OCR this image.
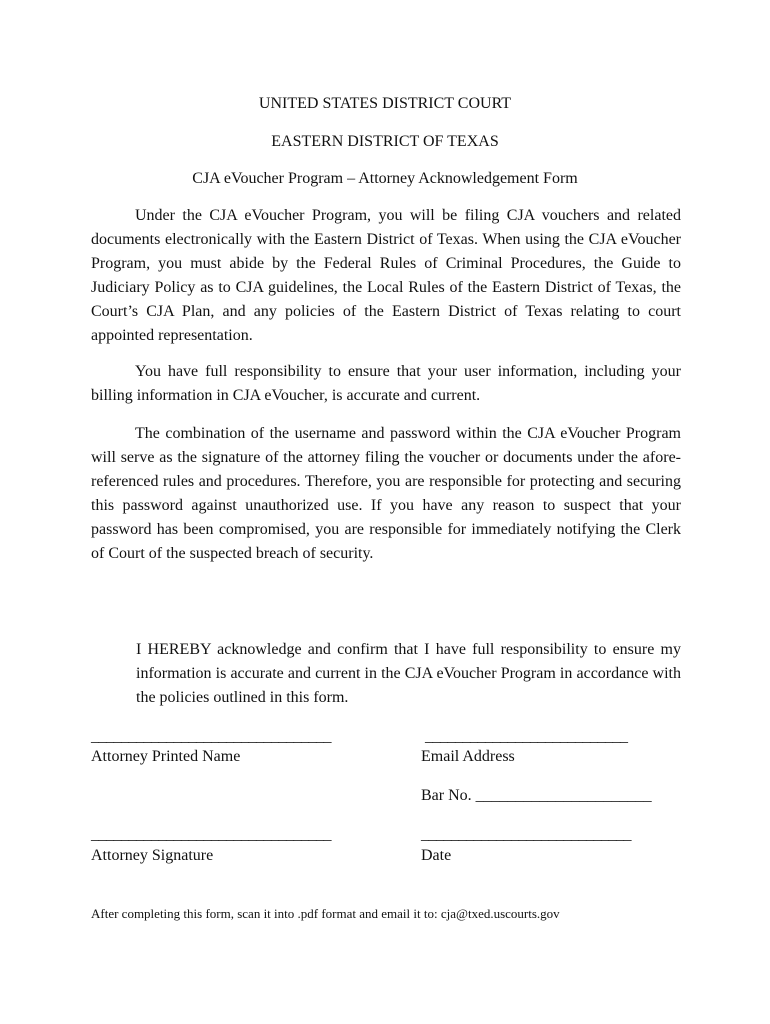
UNITED STATES DISTRICT COURT
EASTERN DISTRICT OF TEXAS
CJA eVoucher Program – Attorney Acknowledgement Form
Under the CJA eVoucher Program, you will be filing CJA vouchers and related documents electronically with the Eastern District of Texas. When using the CJA eVoucher Program, you must abide by the Federal Rules of Criminal Procedures, the Guide to Judiciary Policy as to CJA guidelines, the Local Rules of the Eastern District of Texas, the Court’s CJA Plan, and any policies of the Eastern District of Texas relating to court appointed representation.
You have full responsibility to ensure that your user information, including your billing information in CJA eVoucher, is accurate and current.
The combination of the username and password within the CJA eVoucher Program will serve as the signature of the attorney filing the voucher or documents under the afore-referenced rules and procedures. Therefore, you are responsible for protecting and securing this password against unauthorized use. If you have any reason to suspect that your password has been compromised, you are responsible for immediately notifying the Clerk of Court of the suspected breach of security.
I HEREBY acknowledge and confirm that I have full responsibility to ensure my information is accurate and current in the CJA eVoucher Program in accordance with the policies outlined in this form.
________________________________	___________________________
Attorney Printed Name	Email Address
Bar No. ______________________
________________________________	____________________________
Attorney Signature	Date
After completing this form, scan it into .pdf format and email it to: cja@txed.uscourts.gov
